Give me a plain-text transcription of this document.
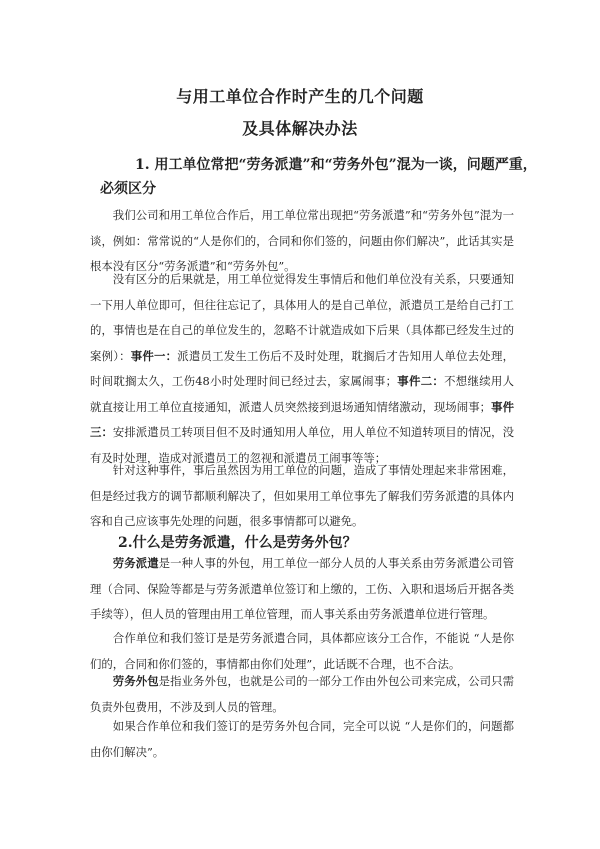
与用工单位合作时产生的几个问题
及具体解决办法
1. 用工单位常把“劳务派遣”和“劳务外包”混为一谈，问题严重，
必须区分
我们公司和用工单位合作后，用工单位常出现把“劳务派遣”和“劳务外包”混为一谈，例如：常常说的“人是你们的，合同和你们签的，问题由你们解决”，此话其实是根本没有区分“劳务派遣”和“劳务外包”。
没有区分的后果就是，用工单位觉得发生事情后和他们单位没有关系，只要通知一下用人单位即可，但往往忘记了，具体用人的是自己单位，派遣员工是给自己打工的，事情也是在自己的单位发生的，忽略不计就造成如下后果（具体都已经发生过的案例）：事件一：派遣员工发生工伤后不及时处理，耽搁后才告知用人单位去处理，时间耽搁太久，工伤48小时处理时间已经过去，家属闹事；事件二：不想继续用人就直接让用工单位直接通知，派遣人员突然接到退场通知情绪激动，现场闹事；事件三：安排派遣员工转项目但不及时通知用人单位，用人单位不知道转项目的情况，没有及时处理，造成对派遣员工的忽视和派遣员工闹事等等；
针对这种事件，事后虽然因为用工单位的问题，造成了事情处理起来非常困难，但是经过我方的调节都顺利解决了，但如果用工单位事先了解我们劳务派遣的具体内容和自己应该事先处理的问题，很多事情都可以避免。
2.什么是劳务派遣，什么是劳务外包？
劳务派遣是一种人事的外包，用工单位一部分人员的人事关系由劳务派遣公司管理（合同、保险等都是与劳务派遣单位签订和上缴的，工伤、入职和退场后开据各类手续等），但人员的管理由用工单位管理，而人事关系由劳务派遣单位进行管理。
合作单位和我们签订是是劳务派遣合同，具体都应该分工合作，不能说 “人是你们的，合同和你们签的，事情都由你们处理”，此话既不合理，也不合法。
劳务外包是指业务外包，也就是公司的一部分工作由外包公司来完成，公司只需负责外包费用，不涉及到人员的管理。
如果合作单位和我们签订的是劳务外包合同，完全可以说 “人是你们的，问题都由你们解决”。
